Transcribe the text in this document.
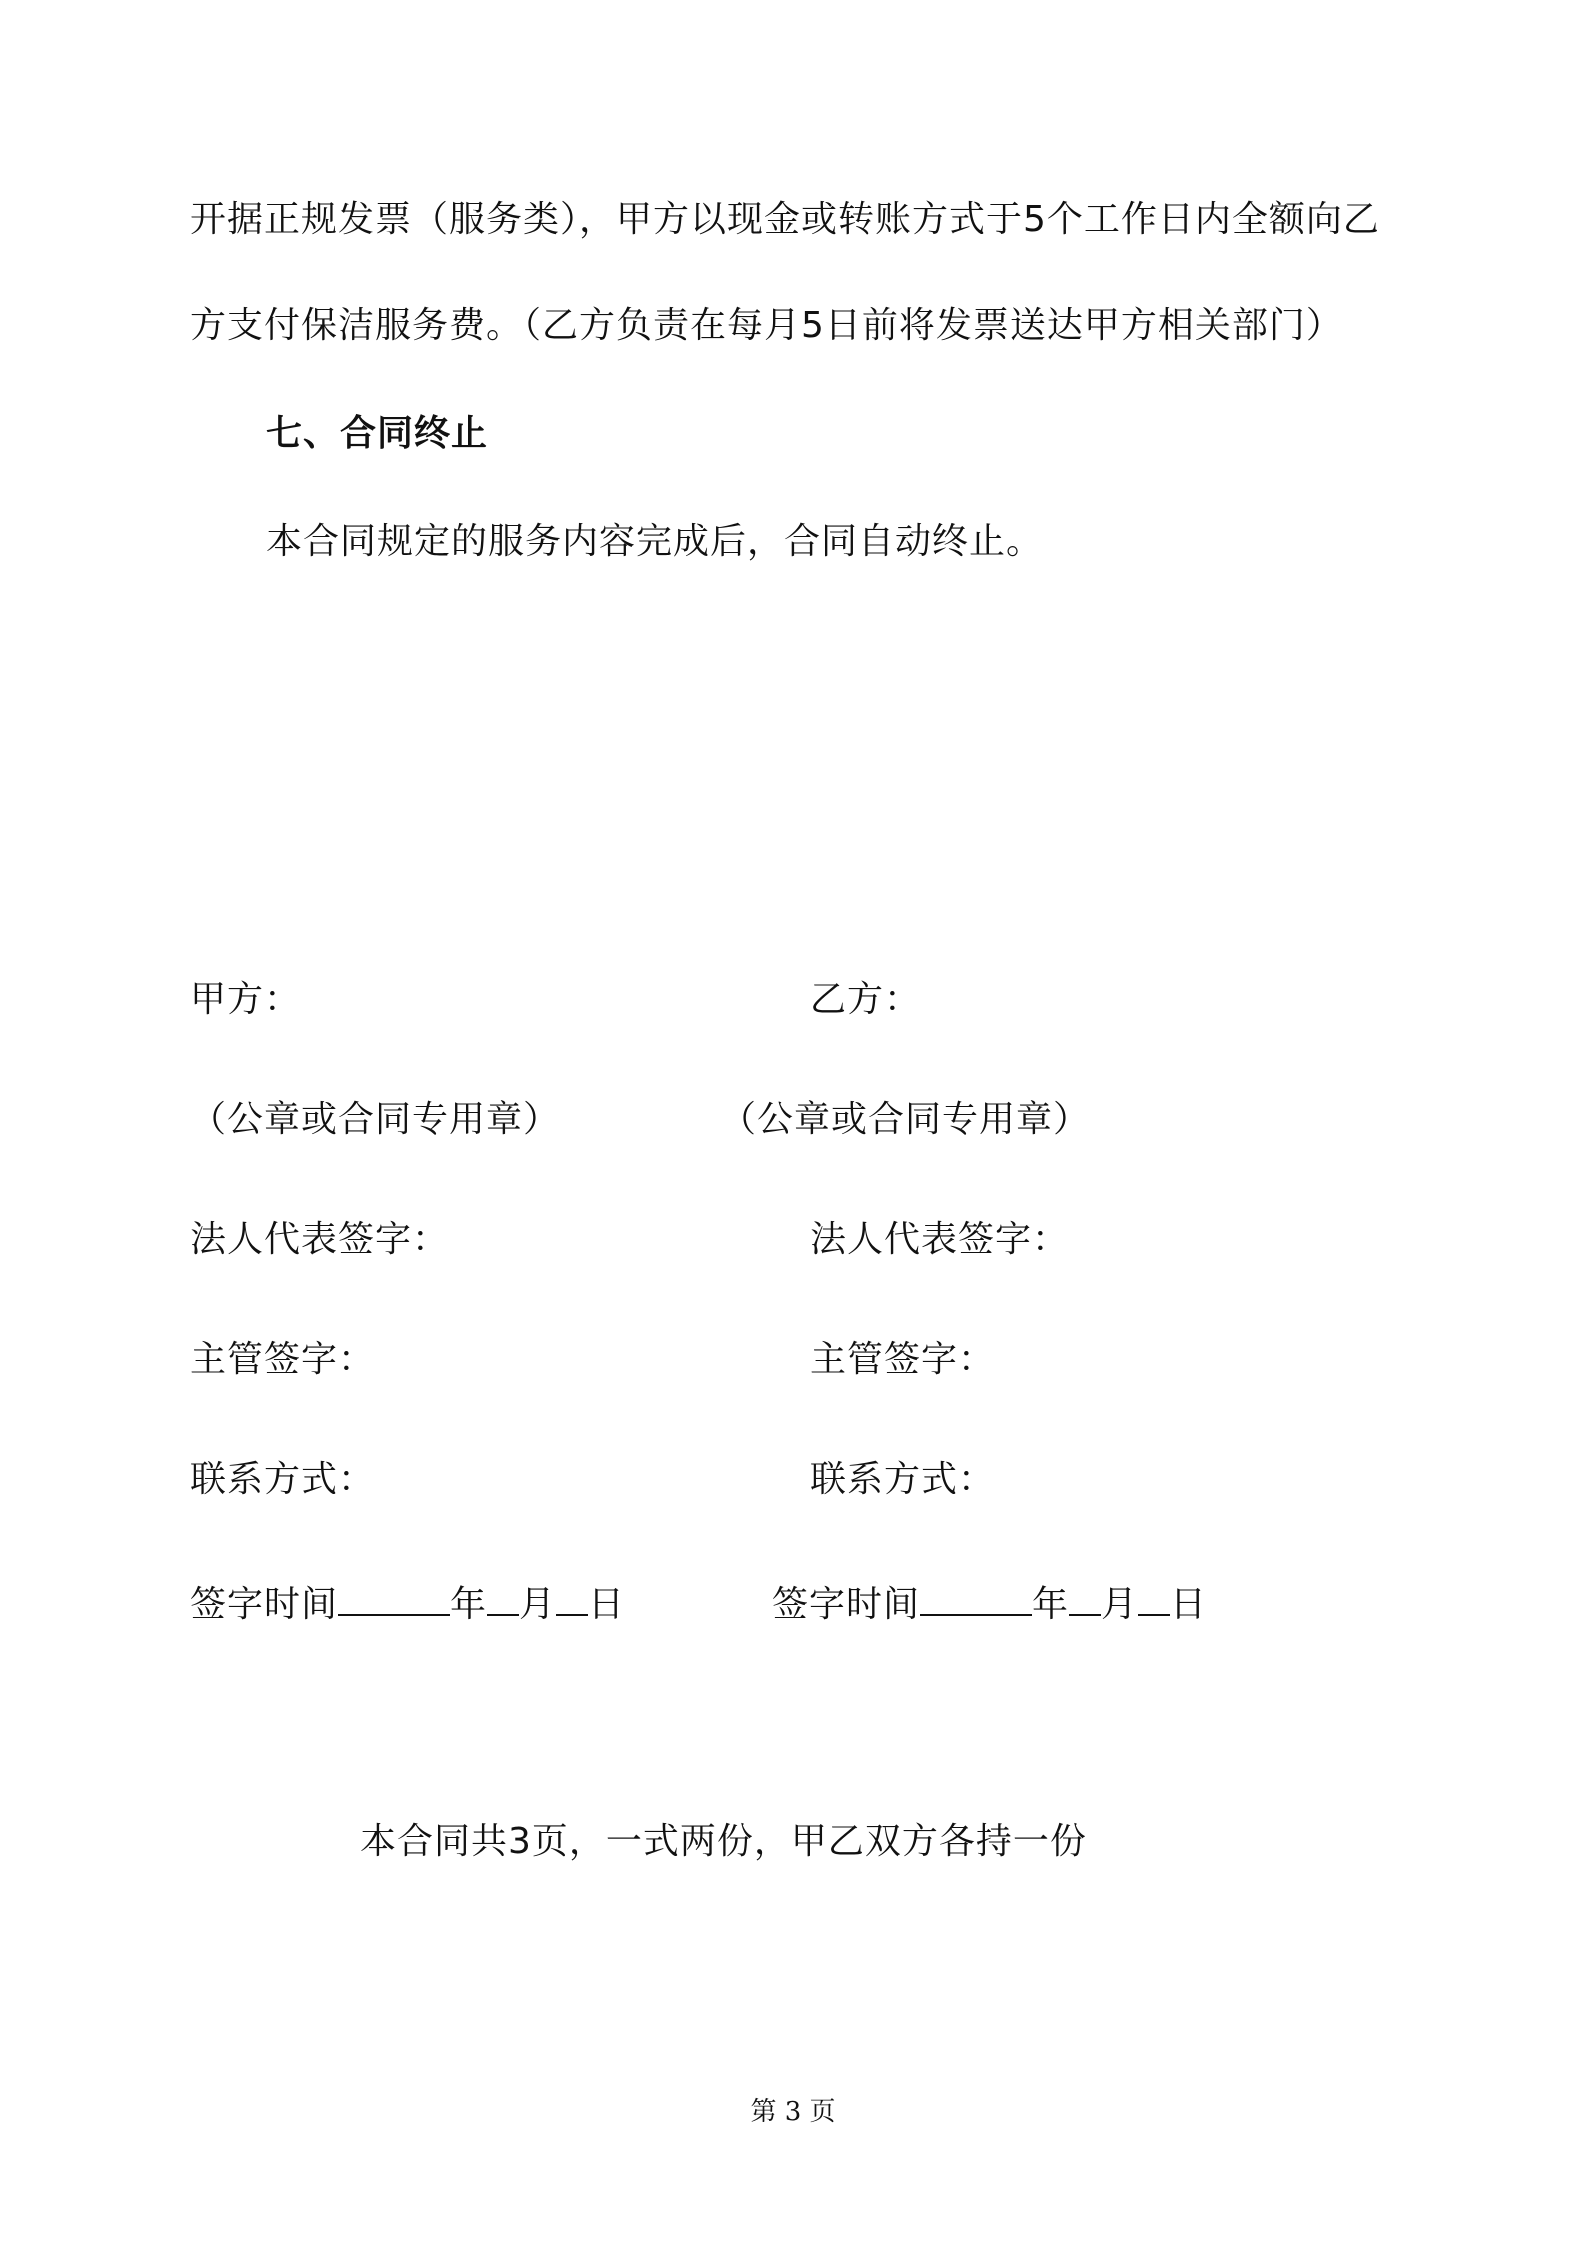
开据正规发票（服务类），甲方以现金或转账方式于5个工作日内全额向乙
方支付保洁服务费。（乙方负责在每月5日前将发票送达甲方相关部门）
七、合同终止
本合同规定的服务内容完成后，合同自动终止。
甲方：
（公章或合同专用章）
法人代表签字：
主管签字：
联系方式：
签字时间	年 月 日
乙方：
（公章或合同专用章）
法人代表签字：
主管签字：
联系方式：
签字时间	年 月 日
本合同共3页，一式两份，甲乙双方各持一份
第 3 页
